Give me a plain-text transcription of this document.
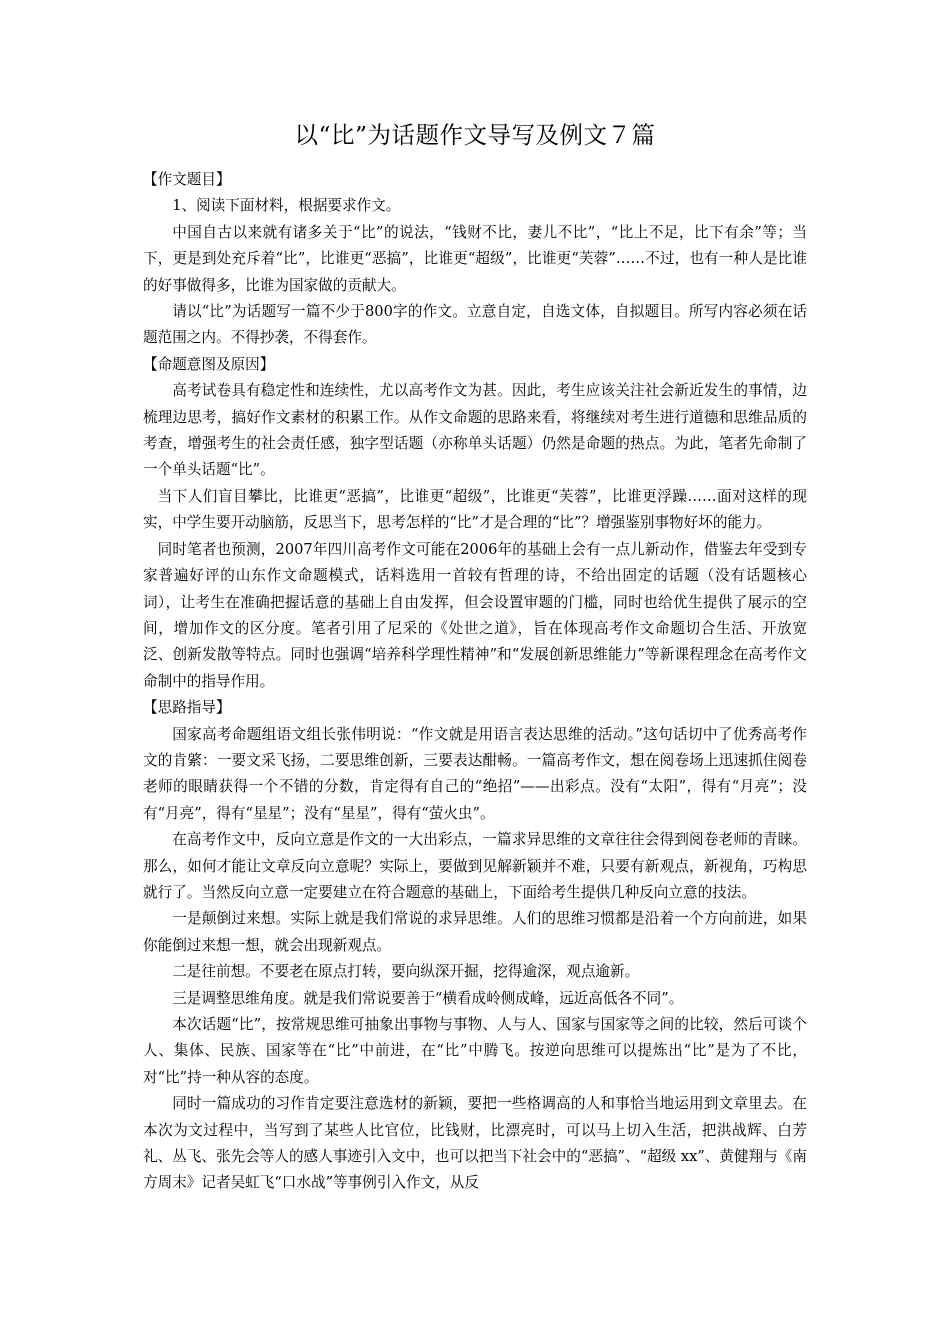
以“比”为话题作文导写及例文７篇
【作文题目】

1、阅读下面材料，根据要求作文。

中国自古以来就有诸多关于“比”的说法，“钱财不比，妻儿不比”，“比上不足，比下有余”等；当下，更是到处充斥着“比”，比谁更“恶搞”，比谁更“超级”，比谁更“芙蓉”……不过，也有一种人是比谁的好事做得多，比谁为国家做的贡献大。

请以“比”为话题写一篇不少于800字的作文。立意自定，自选文体，自拟题目。所写内容必须在话题范围之内。不得抄袭，不得套作。

【命题意图及原因】

高考试卷具有稳定性和连续性，尤以高考作文为甚。因此，考生应该关注社会新近发生的事情，边梳理边思考，搞好作文素材的积累工作。从作文命题的思路来看，将继续对考生进行道德和思维品质的考查，增强考生的社会责任感，独字型话题（亦称单头话题）仍然是命题的热点。为此，笔者先命制了一个单头话题“比”。

当下人们盲目攀比，比谁更“恶搞”，比谁更“超级”，比谁更“芙蓉”，比谁更浮躁……面对这样的现实，中学生要开动脑筋，反思当下，思考怎样的“比”才是合理的“比”？增强鉴别事物好坏的能力。

同时笔者也预测，2007年四川高考作文可能在2006年的基础上会有一点儿新动作，借鉴去年受到专家普遍好评的山东作文命题模式，话料选用一首较有哲理的诗，不给出固定的话题（没有话题核心词），让考生在准确把握话意的基础上自由发挥，但会设置审题的门槛，同时也给优生提供了展示的空间，增加作文的区分度。笔者引用了尼采的《处世之道》，旨在体现高考作文命题切合生活、开放宽泛、创新发散等特点。同时也强调“培养科学理性精神”和“发展创新思维能力”等新课程理念在高考作文命制中的指导作用。

【思路指导】

国家高考命题组语文组长张伟明说：“作文就是用语言表达思维的活动。”这句话切中了优秀高考作文的肯綮：一要文采飞扬，二要思维创新，三要表达酣畅。一篇高考作文，想在阅卷场上迅速抓住阅卷老师的眼睛获得一个不错的分数，肯定得有自己的“绝招”——出彩点。没有“太阳”，得有“月亮”；没有“月亮”，得有“星星”；没有“星星”，得有“萤火虫”。

在高考作文中，反向立意是作文的一大出彩点，一篇求异思维的文章往往会得到阅卷老师的青睐。那么，如何才能让文章反向立意呢？实际上，要做到见解新颖并不难，只要有新观点，新视角，巧构思就行了。当然反向立意一定要建立在符合题意的基础上，下面给考生提供几种反向立意的技法。

一是颠倒过来想。实际上就是我们常说的求异思维。人们的思维习惯都是沿着一个方向前进，如果你能倒过来想一想，就会出现新观点。

二是往前想。不要老在原点打转，要向纵深开掘，挖得逾深，观点逾新。

三是调整思维角度。就是我们常说要善于“横看成岭侧成峰，远近高低各不同”。

本次话题“比”，按常规思维可抽象出事物与事物、人与人、国家与国家等之间的比较，然后可谈个人、集体、民族、国家等在“比”中前进，在“比”中腾飞。按逆向思维可以提炼出“比”是为了不比，对“比”持一种从容的态度。

同时一篇成功的习作肯定要注意选材的新颖，要把一些格调高的人和事恰当地运用到文章里去。在本次为文过程中，当写到了某些人比官位，比钱财，比漂亮时，可以马上切入生活，把洪战辉、白芳礼、丛飞、张先会等人的感人事迹引入文中，也可以把当下社会中的“恶搞”、“超级 xx”、黄健翔与《南方周末》记者吴虹飞“口水战”等事例引入作文，从反
